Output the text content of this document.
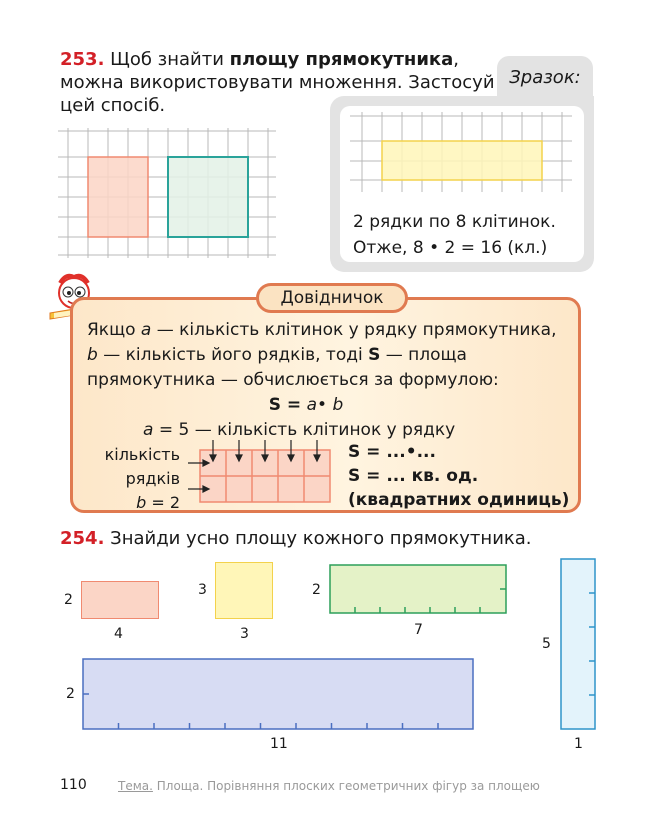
253. Щоб знайти площу прямокутника, можна використовувати множення. Застосуй цей спосіб.
Зразок:
2 рядки по 8 клітинок.
Отже, 8 • 2 = 16 (кл.)
Довідничок
Якщо a — кількість клітинок у рядку прямокутника,
b — кількість його рядків, тоді S — площа
прямокутника — обчислюється за формулою:
S = a• b
a = 5 — кількість клітинок у рядку
кількість
рядків
b = 2
S = ...•...
S = ... кв. од.
(квадратних одиниць)
254. Знайди усно площу кожного прямокутника.
2
4
3
3
2
7
5
1
2
11
110	Тема. Площа. Порівняння плоских геометричних фігур за площею
